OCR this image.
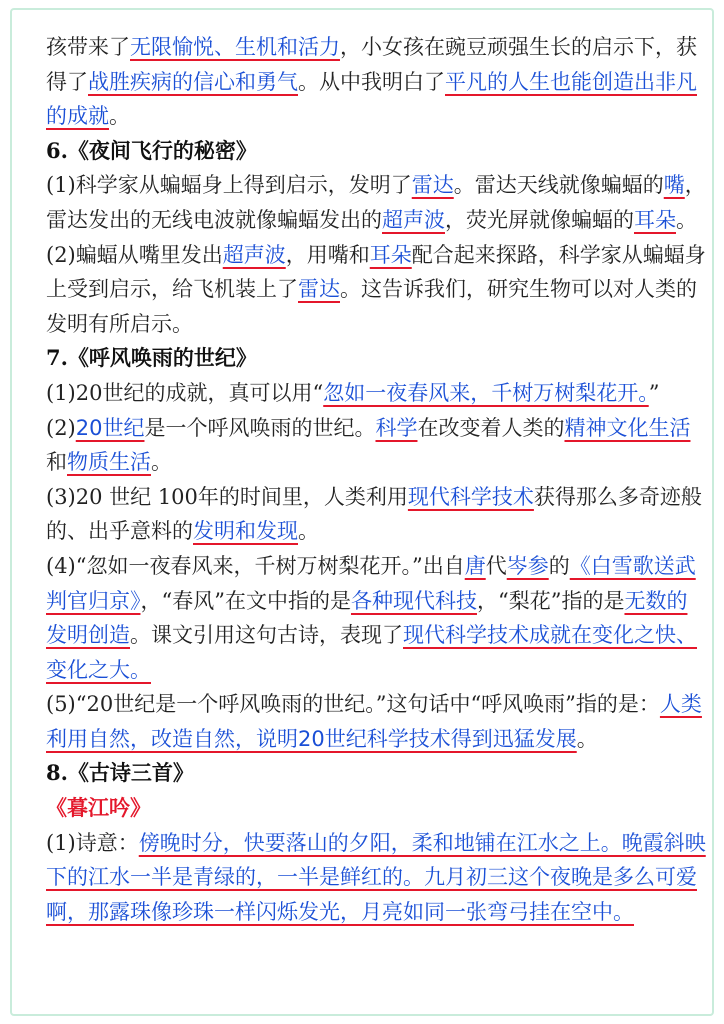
孩带来了无限愉悦、生机和活力，小女孩在豌豆顽强生长的启示下，获得了战胜疾病的信心和勇气。从中我明白了平凡的人生也能创造出非凡的成就。

6.《夜间飞行的秘密》

(1)科学家从蝙蝠身上得到启示，发明了雷达。雷达天线就像蝙蝠的嘴，雷达发出的无线电波就像蝙蝠发出的超声波，荧光屏就像蝙蝠的耳朵。

(2)蝙蝠从嘴里发出超声波，用嘴和耳朵配合起来探路，科学家从蝙蝠身上受到启示，给飞机装上了雷达。这告诉我们，研究生物可以对人类的发明有所启示。

7.《呼风唤雨的世纪》

(1)20世纪的成就，真可以用“忽如一夜春风来，千树万树梨花开。”

(2)20世纪是一个呼风唤雨的世纪。科学在改变着人类的精神文化生活和物质生活。

(3)20 世纪 100年的时间里，人类利用现代科学技术获得那么多奇迹般的、出乎意料的发明和发现。

(4)“忽如一夜春风来，千树万树梨花开。”出自唐代岑参的《白雪歌送武判官归京》，“春风”在文中指的是各种现代科技，“梨花”指的是无数的发明创造。课文引用这句古诗，表现了现代科学技术成就在变化之快、变化之大。

(5)“20世纪是一个呼风唤雨的世纪。”这句话中“呼风唤雨”指的是：人类利用自然，改造自然，说明20世纪科学技术得到迅猛发展。

8.《古诗三首》

《暮江吟》

(1)诗意：傍晚时分，快要落山的夕阳，柔和地铺在江水之上。晚霞斜映下的江水一半是青绿的，一半是鲜红的。九月初三这个夜晚是多么可爱啊，那露珠像珍珠一样闪烁发光，月亮如同一张弯弓挂在空中。
